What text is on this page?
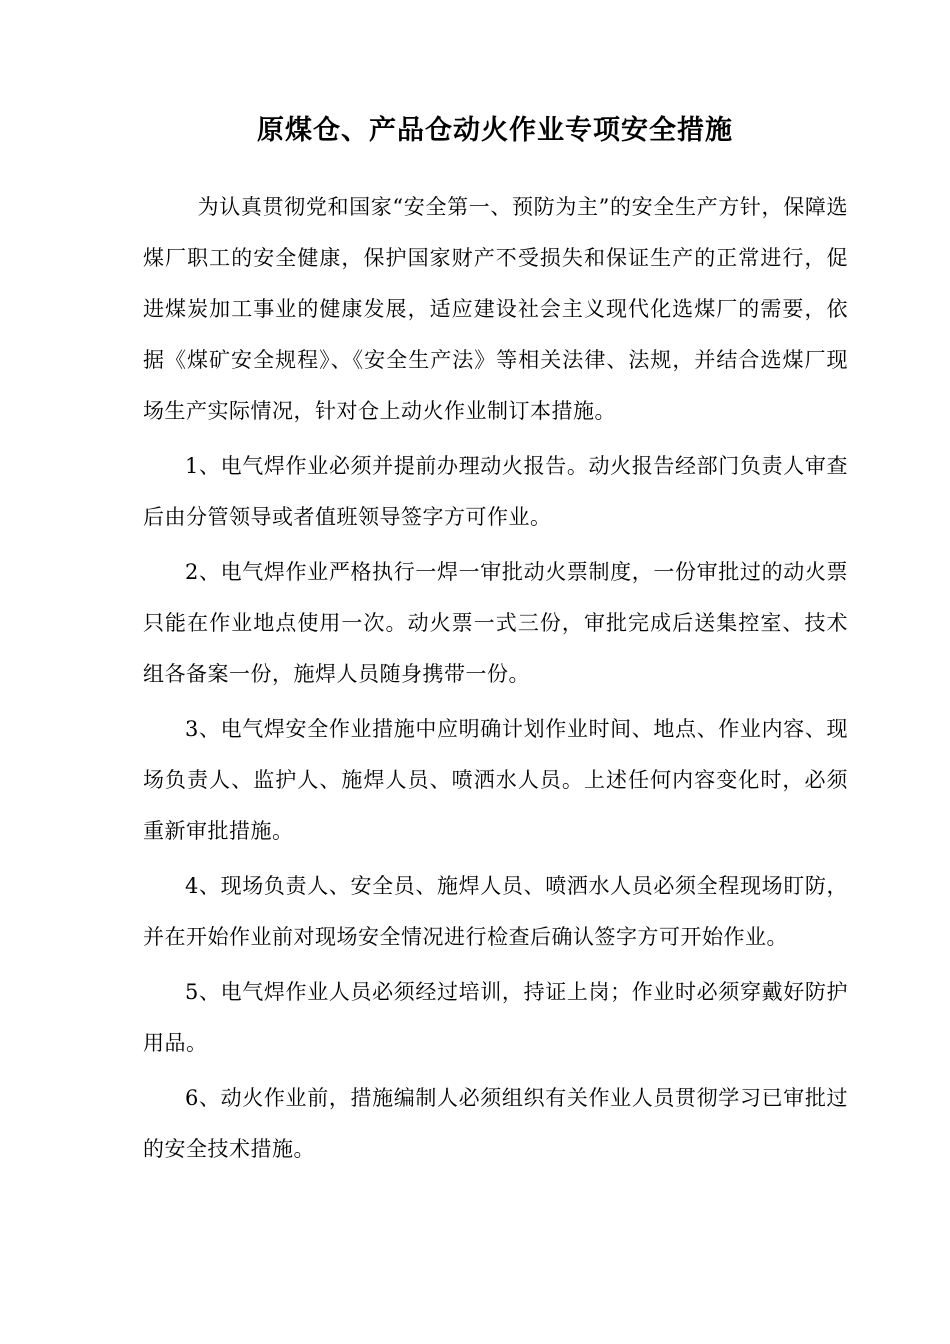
原煤仓、产品仓动火作业专项安全措施

为认真贯彻党和国家“安全第一、预防为主”的安全生产方针，保障选煤厂职工的安全健康，保护国家财产不受损失和保证生产的正常进行，促进煤炭加工事业的健康发展，适应建设社会主义现代化选煤厂的需要，依据《煤矿安全规程》、《安全生产法》等相关法律、法规，并结合选煤厂现场生产实际情况，针对仓上动火作业制订本措施。

1、电气焊作业必须并提前办理动火报告。动火报告经部门负责人审查后由分管领导或者值班领导签字方可作业。

2、电气焊作业严格执行一焊一审批动火票制度，一份审批过的动火票只能在作业地点使用一次。动火票一式三份，审批完成后送集控室、技术组各备案一份，施焊人员随身携带一份。

3、电气焊安全作业措施中应明确计划作业时间、地点、作业内容、现场负责人、监护人、施焊人员、喷洒水人员。上述任何内容变化时，必须重新审批措施。

4、现场负责人、安全员、施焊人员、喷洒水人员必须全程现场盯防，并在开始作业前对现场安全情况进行检查后确认签字方可开始作业。

5、电气焊作业人员必须经过培训，持证上岗；作业时必须穿戴好防护用品。

6、动火作业前，措施编制人必须组织有关作业人员贯彻学习已审批过的安全技术措施。
